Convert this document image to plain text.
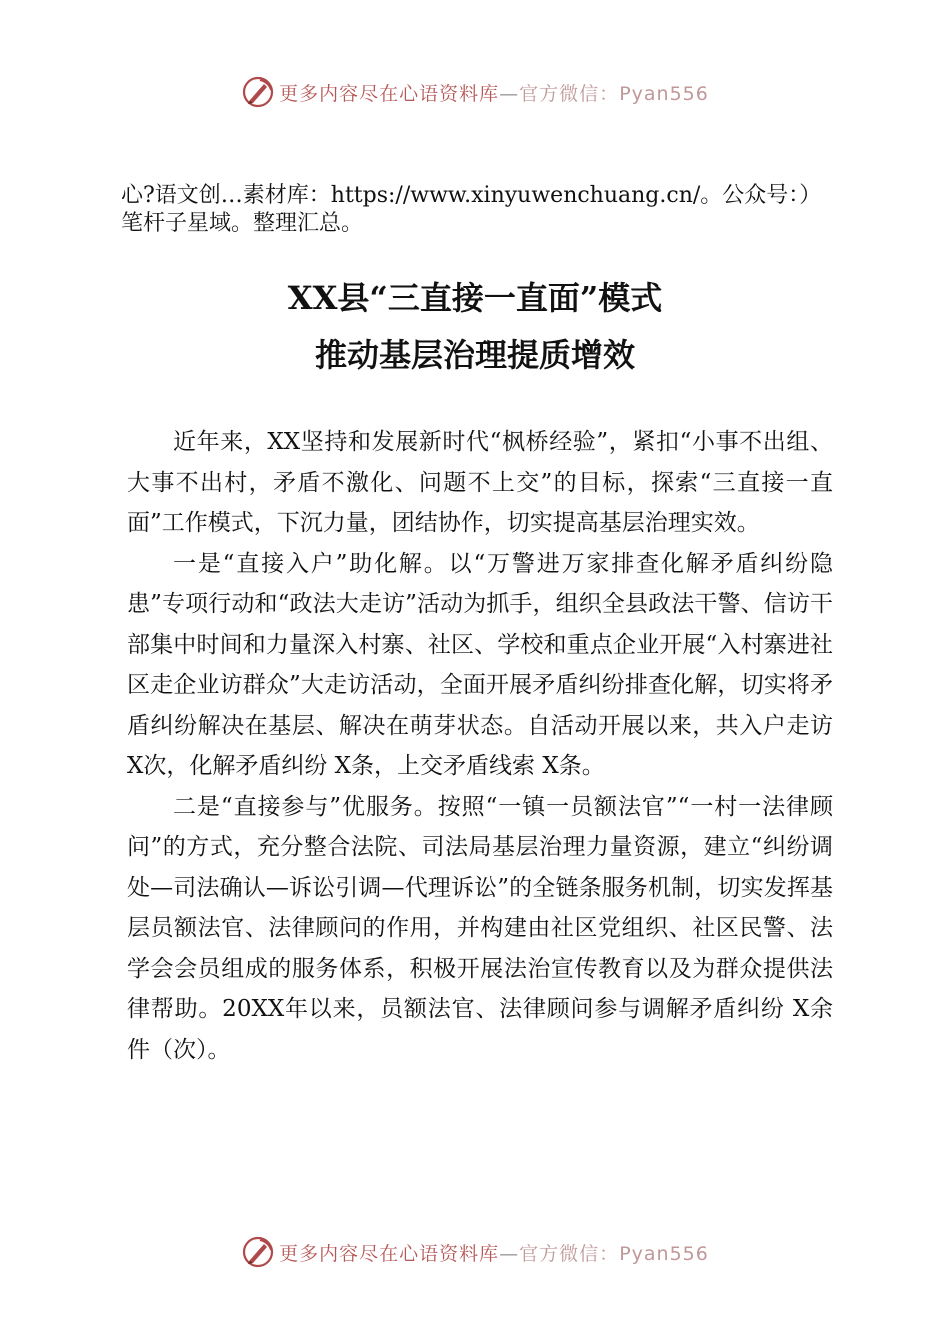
更多内容尽在心语资料库—官方微信：Pyan556
心?语文创…素材库：https://www.xinyuwenchuang.cn/。公众号：）笔杆子星域。整理汇总。
XX县“三直接一直面”模式
推动基层治理提质增效

近年来，XX坚持和发展新时代“枫桥经验”，紧扣“小事不出组、大事不出村，矛盾不激化、问题不上交”的目标，探索“三直接一直面”工作模式，下沉力量，团结协作，切实提高基层治理实效。

一是“直接入户”助化解。以“万警进万家排查化解矛盾纠纷隐患”专项行动和“政法大走访”活动为抓手，组织全县政法干警、信访干部集中时间和力量深入村寨、社区、学校和重点企业开展“入村寨进社区走企业访群众”大走访活动，全面开展矛盾纠纷排查化解，切实将矛盾纠纷解决在基层、解决在萌芽状态。自活动开展以来，共入户走访 X次，化解矛盾纠纷 X条，上交矛盾线索 X条。

二是“直接参与”优服务。按照“一镇一员额法官”“一村一法律顾问”的方式，充分整合法院、司法局基层治理力量资源，建立“纠纷调处—司法确认—诉讼引调—代理诉讼”的全链条服务机制，切实发挥基层员额法官、法律顾问的作用，并构建由社区党组织、社区民警、法学会会员组成的服务体系，积极开展法治宣传教育以及为群众提供法律帮助。20XX年以来，员额法官、法律顾问参与调解矛盾纠纷 X余件（次）。

更多内容尽在心语资料库—官方微信：Pyan556
